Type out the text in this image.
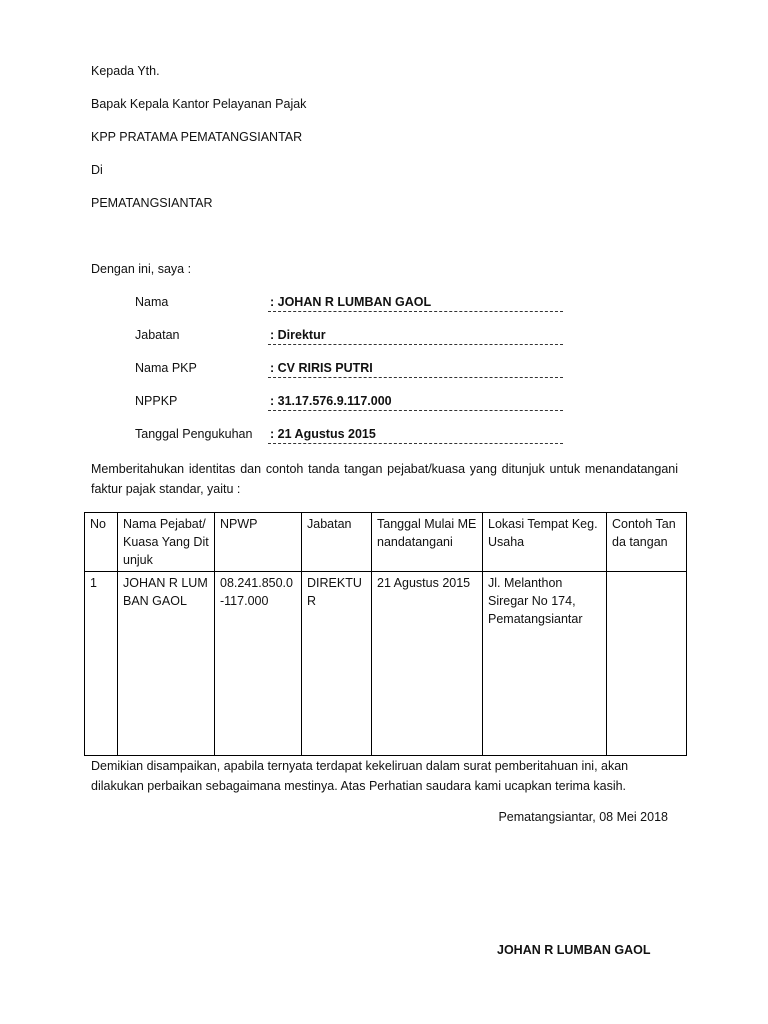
Kepada Yth.
Bapak Kepala Kantor Pelayanan Pajak
KPP PRATAMA PEMATANGSIANTAR
Di
PEMATANGSIANTAR
Dengan ini, saya :
Nama	: JOHAN R LUMBAN GAOL
Jabatan	: Direktur
Nama PKP	: CV RIRIS PUTRI
NPPKP	: 31.17.576.9.117.000
Tanggal Pengukuhan : 21 Agustus 2015
Memberitahukan identitas dan contoh tanda tangan pejabat/kuasa yang ditunjuk untuk menandatangani faktur pajak standar, yaitu :
No	Nama Pejabat/Kuasa Yang Ditunjuk	NPWP	Jabatan	Tanggal Mulai MEnandatangani	Lokasi Tempat Keg. Usaha	Contoh Tanda tangan
1	JOHAN R LUMBAN GAOL	08.241.850.0-117.000	DIREKTUR	21 Agustus 2015	Jl. Melanthon Siregar No 174, Pematangsiantar	
Demikian disampaikan, apabila ternyata terdapat kekeliruan dalam surat pemberitahuan ini, akan dilakukan perbaikan sebagaimana mestinya. Atas Perhatian saudara kami ucapkan terima kasih.
Pematangsiantar, 08 Mei 2018
JOHAN R LUMBAN GAOL
